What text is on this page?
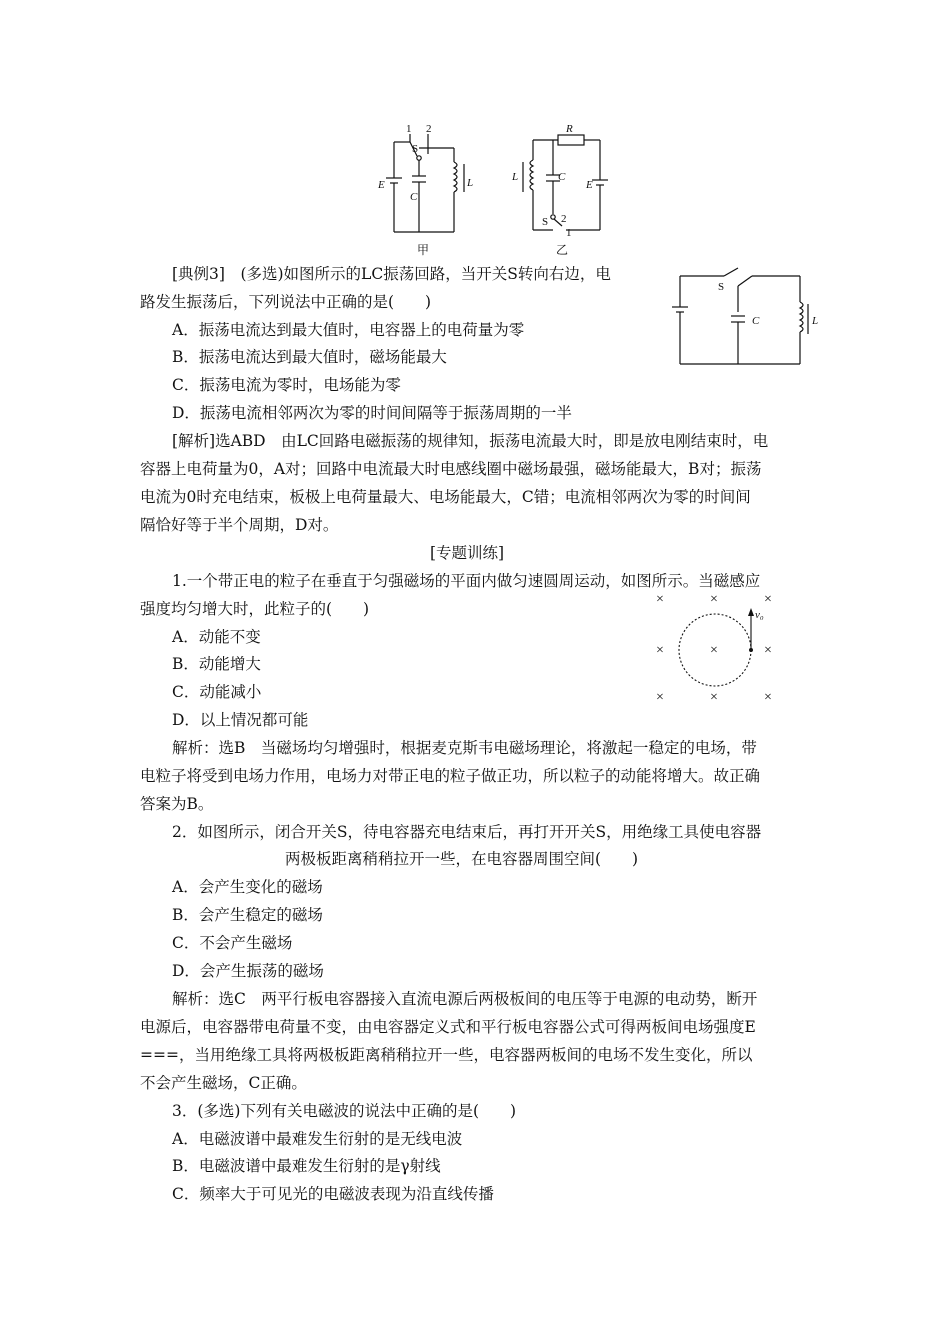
1 2
S
E
C
L
甲
R
L	C
E
S 2
1
乙
S
C	L
v₀
×	×	×
×	×	×
×	×	×
[典例3]　(多选)如图所示的LC振荡回路，当开关S转向右边，电
路发生振荡后，下列说法中正确的是(　　)
A．振荡电流达到最大值时，电容器上的电荷量为零
B．振荡电流达到最大值时，磁场能最大
C．振荡电流为零时，电场能为零
D．振荡电流相邻两次为零的时间间隔等于振荡周期的一半
[解析]选ABD　由LC回路电磁振荡的规律知，振荡电流最大时，即是放电刚结束时，电
容器上电荷量为0，A对；回路中电流最大时电感线圈中磁场最强，磁场能最大，B对；振荡
电流为0时充电结束，板极上电荷量最大、电场能最大，C错；电流相邻两次为零的时间间
隔恰好等于半个周期，D对。
[专题训练]
1.一个带正电的粒子在垂直于匀强磁场的平面内做匀速圆周运动，如图所示。当磁感应
强度均匀增大时，此粒子的(　　)
A．动能不变
B．动能增大
C．动能减小
D．以上情况都可能
解析：选B　当磁场均匀增强时，根据麦克斯韦电磁场理论，将激起一稳定的电场，带
电粒子将受到电场力作用，电场力对带正电的粒子做正功，所以粒子的动能将增大。故正确
答案为B。
2．如图所示，闭合开关S，待电容器充电结束后，再打开开关S，用绝缘工具使电容器
两极板距离稍稍拉开一些，在电容器周围空间(　　)
A．会产生变化的磁场
B．会产生稳定的磁场
C．不会产生磁场
D．会产生振荡的磁场
解析：选C　两平行板电容器接入直流电源后两极板间的电压等于电源的电动势，断开
电源后，电容器带电荷量不变，由电容器定义式和平行板电容器公式可得两板间电场强度E
===，当用绝缘工具将两极板距离稍稍拉开一些，电容器两板间的电场不发生变化，所以
不会产生磁场，C正确。
3．(多选)下列有关电磁波的说法中正确的是(　　)
A．电磁波谱中最难发生衍射的是无线电波
B．电磁波谱中最难发生衍射的是γ射线
C．频率大于可见光的电磁波表现为沿直线传播
